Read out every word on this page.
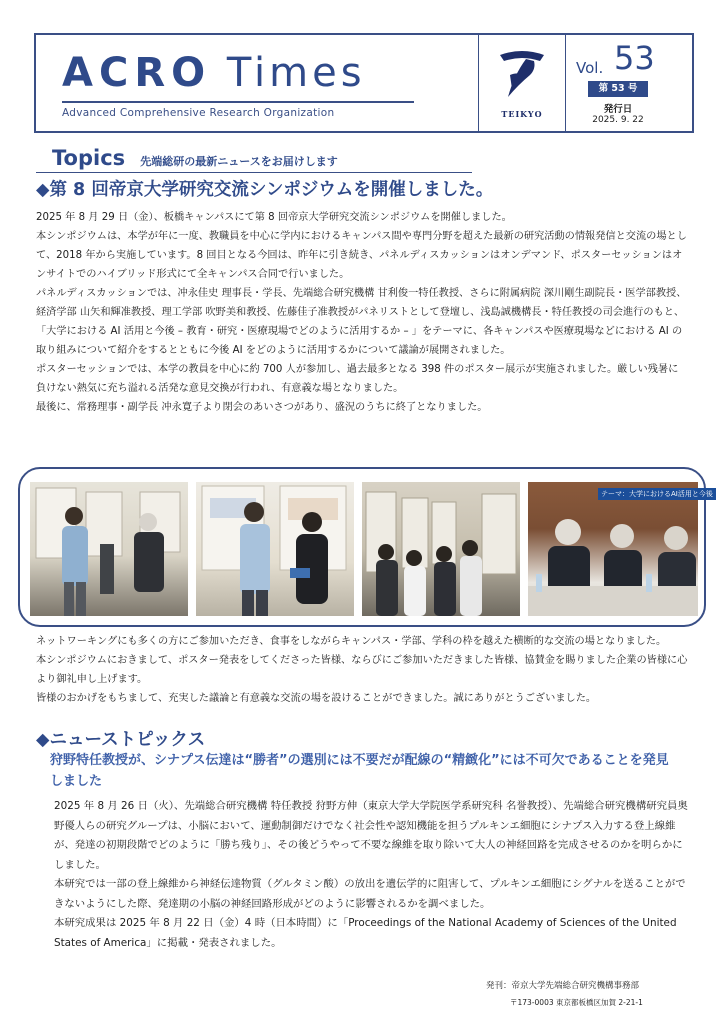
ACRO Times
Advanced Comprehensive Research Organization	TEIKYO
Vol. 53
第 53 号
発行日
2025. 9. 22
Topics 先端総研の最新ニュースをお届けします
◆第 8 回帝京大学研究交流シンポジウムを開催しました。

2025 年 8 月 29 日（金）、板橋キャンパスにて第 8 回帝京大学研究交流シンポジウムを開催しました。

本シンポジウムは、本学が年に一度、教職員を中心に学内におけるキャンパス間や専門分野を超えた最新の研究活動の情報発信と交流の場として、2018 年から実施しています。8 回目となる今回は、昨年に引き続き、パネルディスカッションはオンデマンド、ポスターセッションはオンサイトでのハイブリッド形式にて全キャンパス合同で行いました。

パネルディスカッションでは、冲永佳史 理事長・学長、先端総合研究機構 甘利俊一特任教授、さらに附属病院 深川剛生副院長・医学部教授、経済学部 山矢和輝准教授、理工学部 吹野美和教授、佐藤佳子准教授がパネリストとして登壇し、浅島誠機構長・特任教授の司会進行のもと、「大学における AI 活用と今後 – 教育・研究・医療現場でどのように活用するか – 」をテーマに、各キャンパスや医療現場などにおける AI の取り組みについて紹介をするとともに今後 AI をどのように活用するかについて議論が展開されました。

ポスターセッションでは、本学の教員を中心に約 700 人が参加し、過去最多となる 398 件のポスター展示が実施されました。厳しい残暑に負けない熱気に充ち溢れる活発な意見交換が行われ、有意義な場となりました。

最後に、常務理事・副学長 冲永寛子より閉会のあいさつがあり、盛況のうちに終了となりました。

テーマ：大学におけるAI活用と今後

ネットワーキングにも多くの方にご参加いただき、食事をしながらキャンパス・学部、学科の枠を越えた横断的な交流の場となりました。

本シンポジウムにおきまして、ポスター発表をしてくださった皆様、ならびにご参加いただきました皆様、協賛金を賜りました企業の皆様に心より御礼申し上げます。

皆様のおかげをもちまして、充実した議論と有意義な交流の場を設けることができました。誠にありがとうございました。

◆ニューストピックス
狩野特任教授が、シナプス伝達は“勝者”の選別には不要だが配線の“精緻化”には不可欠であることを発見しました

2025 年 8 月 26 日（火）、先端総合研究機構 特任教授 狩野方伸（東京大学大学院医学系研究科 名誉教授）、先端総合研究機構研究員奥野優人らの研究グループは、小脳において、運動制御だけでなく社会性や認知機能を担うプルキンエ細胞にシナプス入力する登上線維が、発達の初期段階でどのように「勝ち残り」、その後どうやって不要な線維を取り除いて大人の神経回路を完成させるのかを明らかにしました。

本研究では一部の登上線維から神経伝達物質（グルタミン酸）の放出を遺伝学的に阻害して、プルキンエ細胞にシグナルを送ることができないようにした際、発達期の小脳の神経回路形成がどのように影響されるかを調べました。

本研究成果は 2025 年 8 月 22 日（金）4 時（日本時間）に「Proceedings of the National Academy of Sciences of the United States of America」に掲載・発表されました。

発刊：帝京大学先端総合研究機構事務部
〒173-0003 東京都板橋区加賀 2-21-1
